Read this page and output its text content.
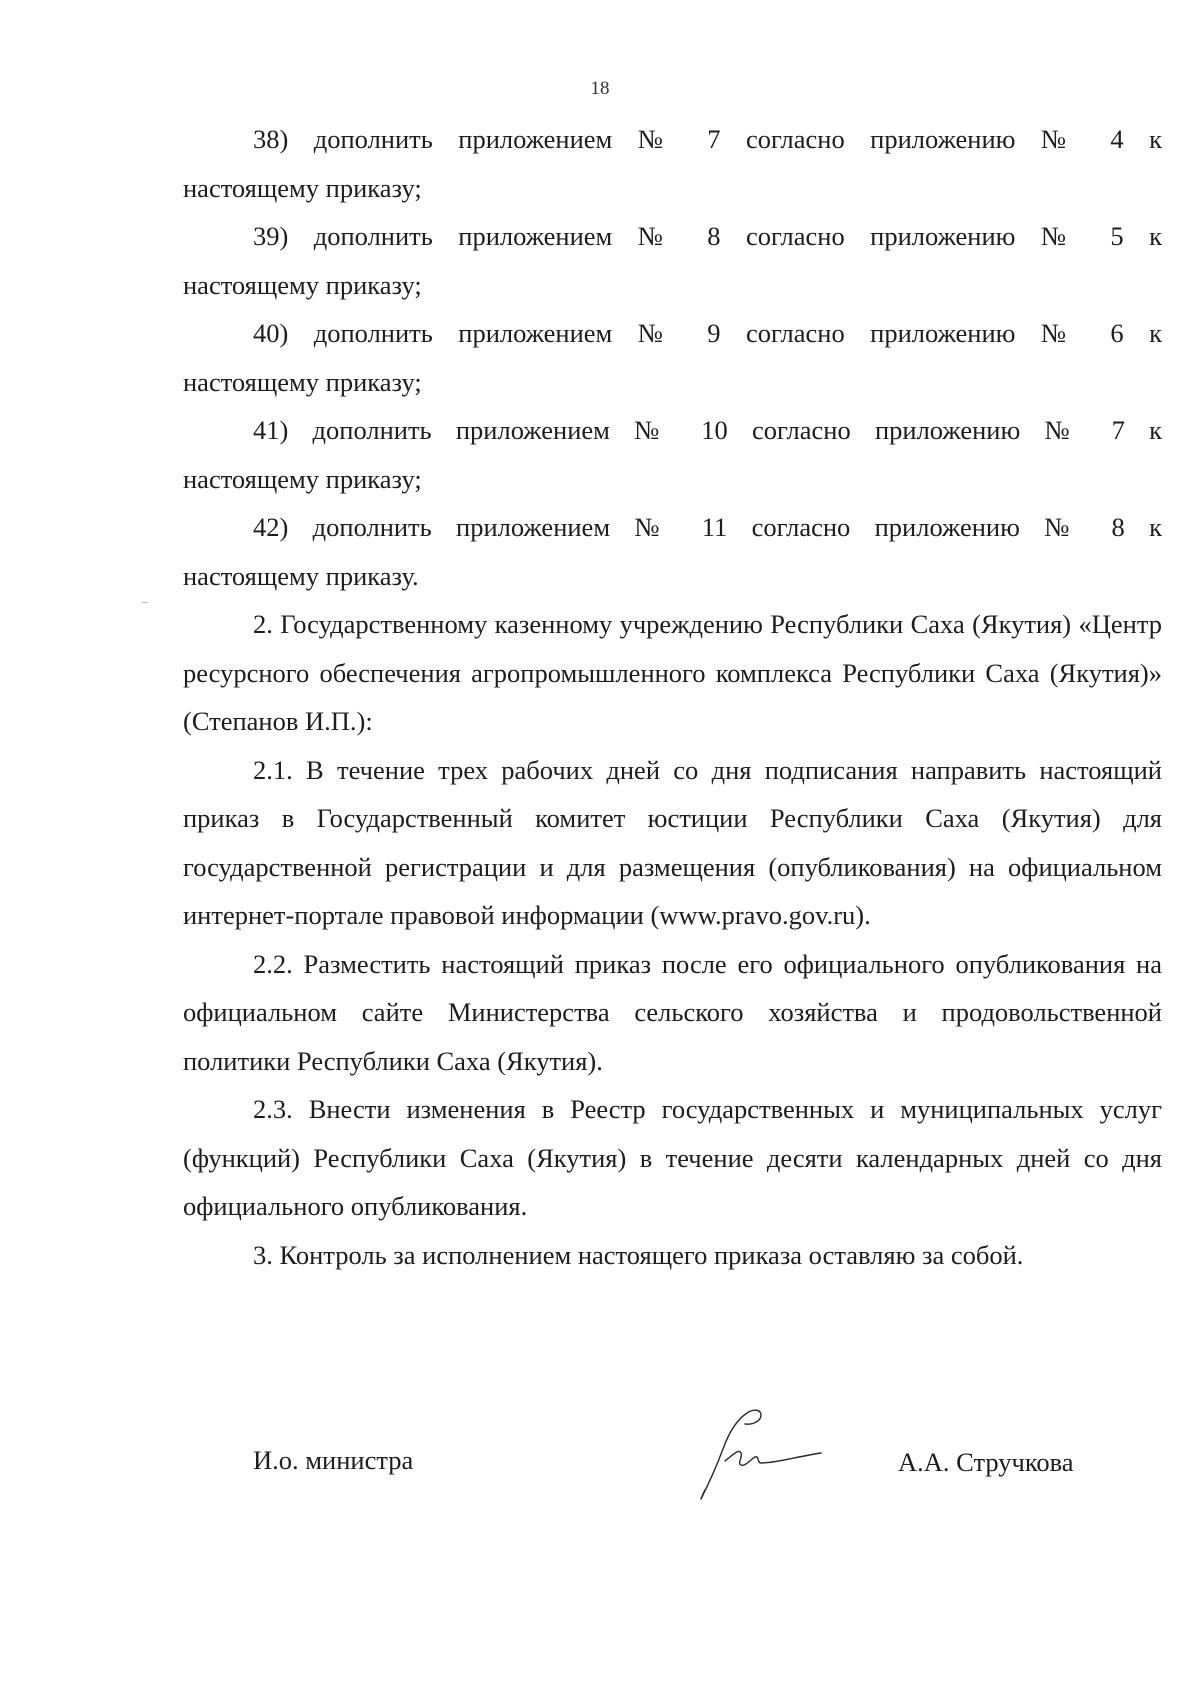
18

38) дополнить приложением № 7 согласно приложению № 4 к
настоящему приказу;

39) дополнить приложением № 8 согласно приложению № 5 к
настоящему приказу;

40) дополнить приложением № 9 согласно приложению № 6 к
настоящему приказу;

41) дополнить приложением № 10 согласно приложению № 7 к
настоящему приказу;

42) дополнить приложением № 11 согласно приложению № 8 к
настоящему приказу.

2. Государственному казенному учреждению Республики Саха (Якутия) «Центр ресурсного обеспечения агропромышленного комплекса Республики Саха (Якутия)» (Степанов И.П.):

2.1. В течение трех рабочих дней со дня подписания направить настоящий приказ в Государственный комитет юстиции Республики Саха (Якутия) для государственной регистрации и для размещения (опубликования) на официальном интернет-портале правовой информации (www.pravo.gov.ru).

2.2. Разместить настоящий приказ после его официального опубликования на официальном сайте Министерства сельского хозяйства и продовольственной политики Республики Саха (Якутия).

2.3. Внести изменения в Реестр государственных и муниципальных услуг (функций) Республики Саха (Якутия) в течение десяти календарных дней со дня официального опубликования.

3. Контроль за исполнением настоящего приказа оставляю за собой.

И.о. министра	А.А. Стручкова
